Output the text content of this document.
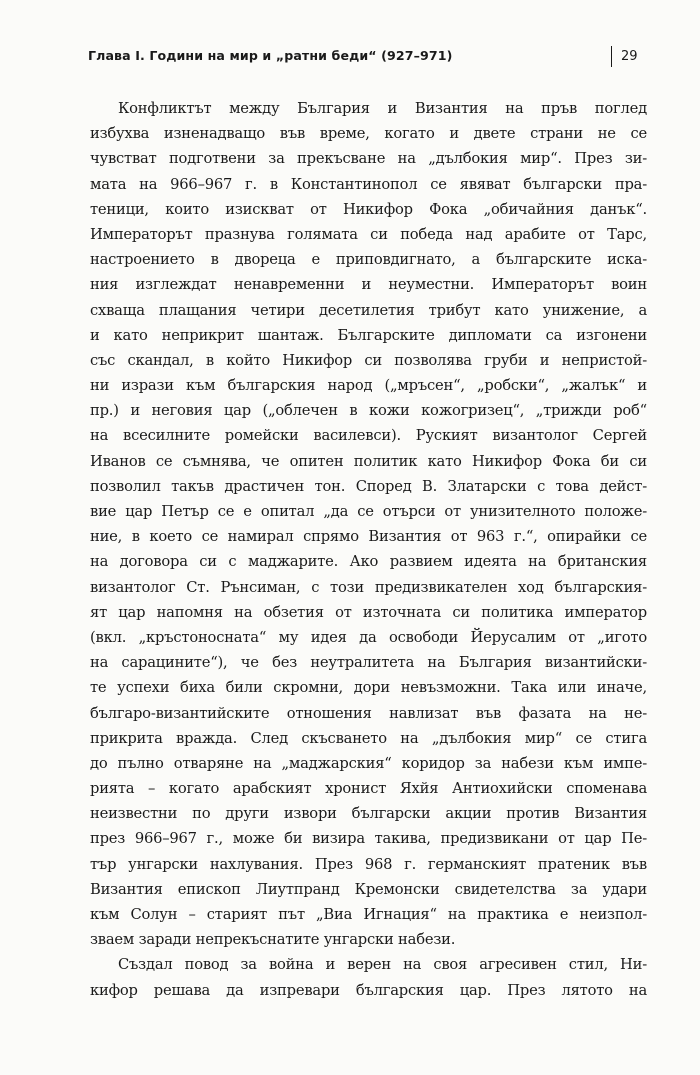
Глава I. Години на мир и „ратни беди“ (927–971)	29
Конфликтът между България и Византия на пръв поглед
избухва изненадващо във време, когато и двете страни не се
чувстват подготвени за прекъсване на „дълбокия мир“. През зи-
мата на 966–967 г. в Константинопол се явяват български пра-
теници, които изискват от Никифор Фока „обичайния данък“.
Императорът празнува голямата си победа над арабите от Тарс,
настроението в двореца е приповдигнато, а българските иска-
ния изглеждат ненавременни и неуместни. Императорът воин
схваща плащания четири десетилетия трибут като унижение, а
и като неприкрит шантаж. Българските дипломати са изгонени
със скандал, в който Никифор си позволява груби и непристой-
ни изрази към българския народ („мръсен“, „робски“, „жалък“ и
пр.) и неговия цар („облечен в кожи кожогризец“, „трижди роб“
на всесилните ромейски василевси). Руският византолог Сергей
Иванов се съмнява, че опитен политик като Никифор Фока би си
позволил такъв драстичен тон. Според В. Златарски с това дейст-
вие цар Петър се е опитал „да се отърси от унизителното положе-
ние, в което се намирал спрямо Византия от 963 г.“, опирайки се
на договора си с маджарите. Ако развием идеята на британския
византолог Ст. Рънсиман, с този предизвикателен ход българския-
ят цар напомня на обзетия от източната си политика император
(вкл. „кръстоносната“ му идея да освободи Йерусалим от „игото
на сарацините“), че без неутралитета на България византийски-
те успехи биха били скромни, дори невъзможни. Така или иначе,
българо-византийските отношения навлизат във фазата на не-
прикрита вражда. След скъсването на „дълбокия мир“ се стига
до пълно отваряне на „маджарския“ коридор за набези към импе-
рията – когато арабският хронист Яхйя Антиохийски споменава
неизвестни по други извори български акции против Византия
през 966–967 г., може би визира такива, предизвикани от цар Пе-
тър унгарски нахлувания. През 968 г. германският пратеник във
Византия епископ Лиутпранд Кремонски свидетелства за удари
към Солун – старият път „Виа Игнация“ на практика е неизпол-
зваем заради непрекъснатите унгарски набези.
Създал повод за война и верен на своя агресивен стил, Ни-
кифор решава да изпревари българския цар. През лятото на
